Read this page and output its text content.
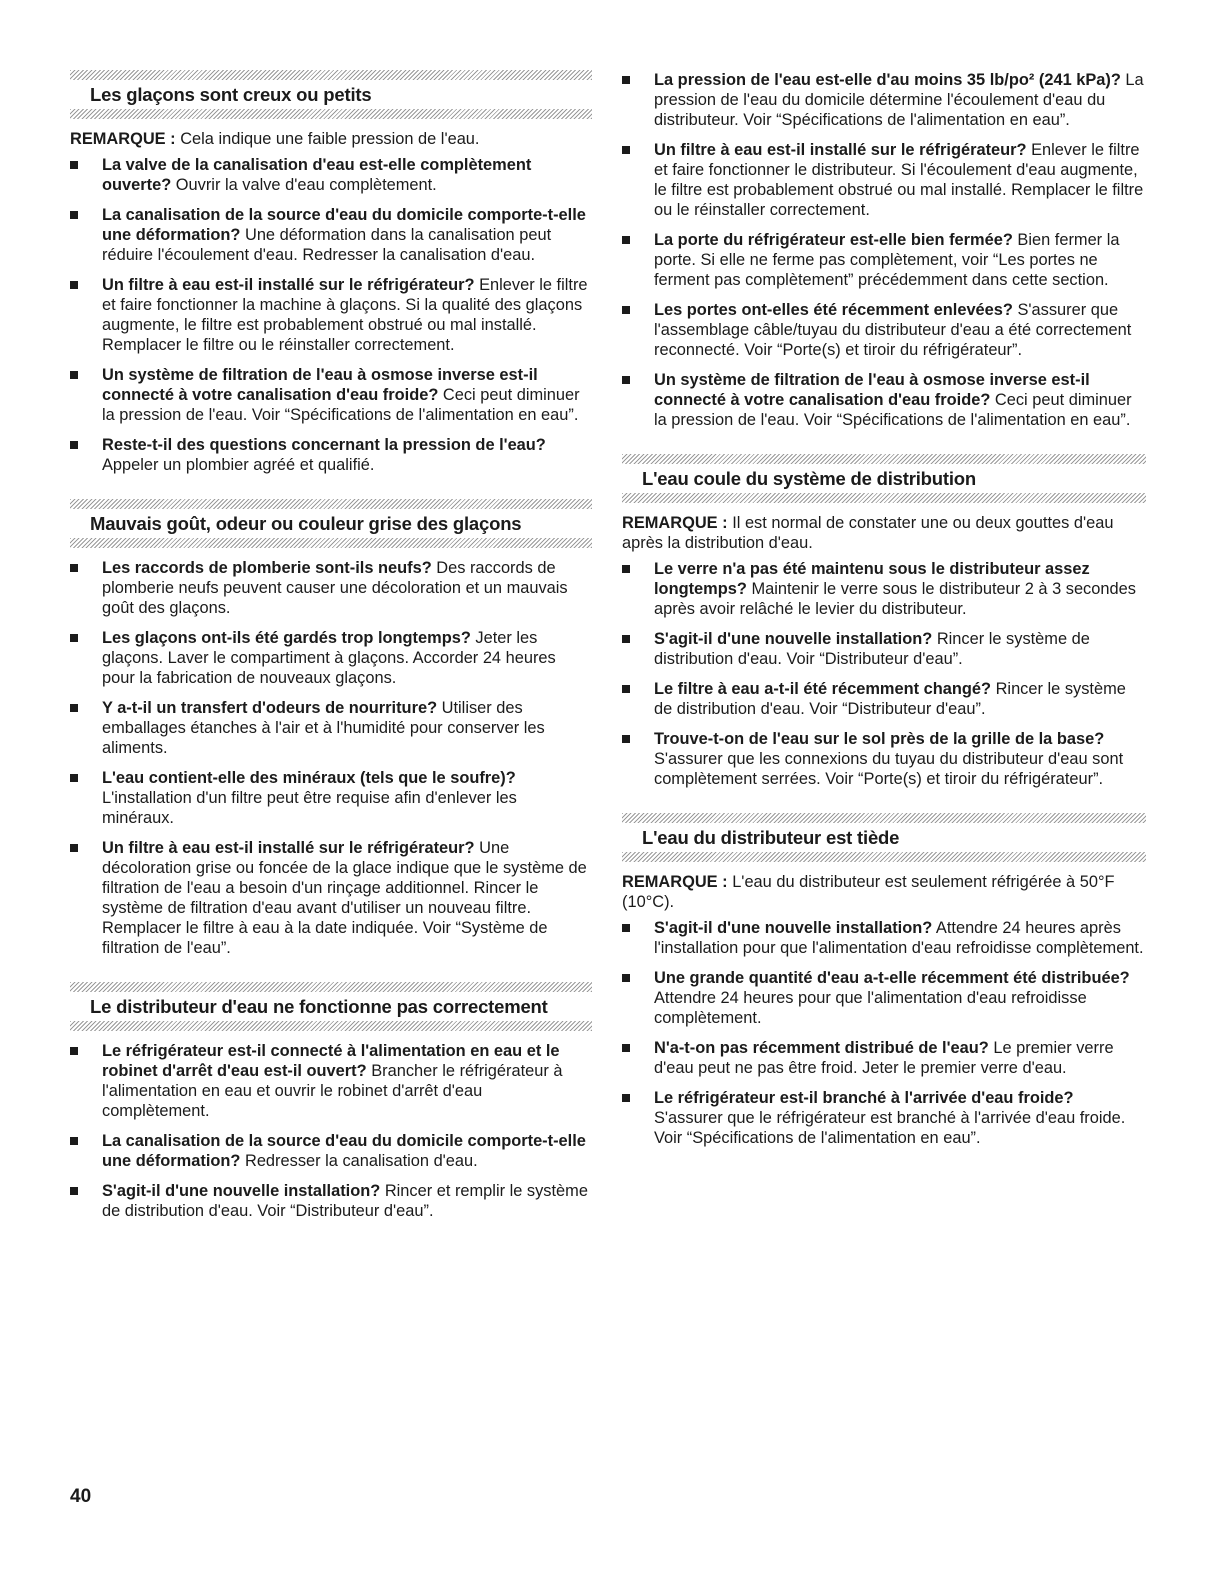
Les glaçons sont creux ou petits

REMARQUE : Cela indique une faible pression de l'eau.

La valve de la canalisation d'eau est-elle complètement ouverte? Ouvrir la valve d'eau complètement.
La canalisation de la source d'eau du domicile comporte-t-elle une déformation? Une déformation dans la canalisation peut réduire l'écoulement d'eau. Redresser la canalisation d'eau.
Un filtre à eau est-il installé sur le réfrigérateur? Enlever le filtre et faire fonctionner la machine à glaçons. Si la qualité des glaçons augmente, le filtre est probablement obstrué ou mal installé. Remplacer le filtre ou le réinstaller correctement.
Un système de filtration de l'eau à osmose inverse est-il connecté à votre canalisation d'eau froide? Ceci peut diminuer la pression de l'eau. Voir “Spécifications de l'alimentation en eau”.
Reste-t-il des questions concernant la pression de l'eau? Appeler un plombier agréé et qualifié.
Mauvais goût, odeur ou couleur grise des glaçons
Les raccords de plomberie sont-ils neufs? Des raccords de plomberie neufs peuvent causer une décoloration et un mauvais goût des glaçons.
Les glaçons ont-ils été gardés trop longtemps? Jeter les glaçons. Laver le compartiment à glaçons. Accorder 24 heures pour la fabrication de nouveaux glaçons.
Y a-t-il un transfert d'odeurs de nourriture? Utiliser des emballages étanches à l'air et à l'humidité pour conserver les aliments.
L'eau contient-elle des minéraux (tels que le soufre)? L'installation d'un filtre peut être requise afin d'enlever les minéraux.
Un filtre à eau est-il installé sur le réfrigérateur? Une décoloration grise ou foncée de la glace indique que le système de filtration de l'eau a besoin d'un rinçage additionnel. Rincer le système de filtration d'eau avant d'utiliser un nouveau filtre. Remplacer le filtre à eau à la date indiquée. Voir “Système de filtration de l'eau”.
Le distributeur d'eau ne fonctionne pas correctement
Le réfrigérateur est-il connecté à l'alimentation en eau et le robinet d'arrêt d'eau est-il ouvert? Brancher le réfrigérateur à l'alimentation en eau et ouvrir le robinet d'arrêt d'eau complètement.
La canalisation de la source d'eau du domicile comporte-t-elle une déformation? Redresser la canalisation d'eau.
S'agit-il d'une nouvelle installation? Rincer et remplir le système de distribution d'eau. Voir “Distributeur d'eau”.
La pression de l'eau est-elle d'au moins 35 lb/po² (241 kPa)? La pression de l'eau du domicile détermine l'écoulement d'eau du distributeur. Voir “Spécifications de l'alimentation en eau”.
Un filtre à eau est-il installé sur le réfrigérateur? Enlever le filtre et faire fonctionner le distributeur. Si l'écoulement d'eau augmente, le filtre est probablement obstrué ou mal installé. Remplacer le filtre ou le réinstaller correctement.
La porte du réfrigérateur est-elle bien fermée? Bien fermer la porte. Si elle ne ferme pas complètement, voir “Les portes ne ferment pas complètement” précédemment dans cette section.
Les portes ont-elles été récemment enlevées? S'assurer que l'assemblage câble/tuyau du distributeur d'eau a été correctement reconnecté. Voir “Porte(s) et tiroir du réfrigérateur”.
Un système de filtration de l'eau à osmose inverse est-il connecté à votre canalisation d'eau froide? Ceci peut diminuer la pression de l'eau. Voir “Spécifications de l'alimentation en eau”.
L'eau coule du système de distribution

REMARQUE : Il est normal de constater une ou deux gouttes d'eau après la distribution d'eau.

Le verre n'a pas été maintenu sous le distributeur assez longtemps? Maintenir le verre sous le distributeur 2 à 3 secondes après avoir relâché le levier du distributeur.
S'agit-il d'une nouvelle installation? Rincer le système de distribution d'eau. Voir “Distributeur d'eau”.
Le filtre à eau a-t-il été récemment changé? Rincer le système de distribution d'eau. Voir “Distributeur d'eau”.
Trouve-t-on de l'eau sur le sol près de la grille de la base? S'assurer que les connexions du tuyau du distributeur d'eau sont complètement serrées. Voir “Porte(s) et tiroir du réfrigérateur”.
L'eau du distributeur est tiède

REMARQUE : L'eau du distributeur est seulement réfrigérée à 50°F (10°C).

S'agit-il d'une nouvelle installation? Attendre 24 heures après l'installation pour que l'alimentation d'eau refroidisse complètement.
Une grande quantité d'eau a-t-elle récemment été distribuée? Attendre 24 heures pour que l'alimentation d'eau refroidisse complètement.
N'a-t-on pas récemment distribué de l'eau? Le premier verre d'eau peut ne pas être froid. Jeter le premier verre d'eau.
Le réfrigérateur est-il branché à l'arrivée d'eau froide? S'assurer que le réfrigérateur est branché à l'arrivée d'eau froide. Voir “Spécifications de l'alimentation en eau”.
40
